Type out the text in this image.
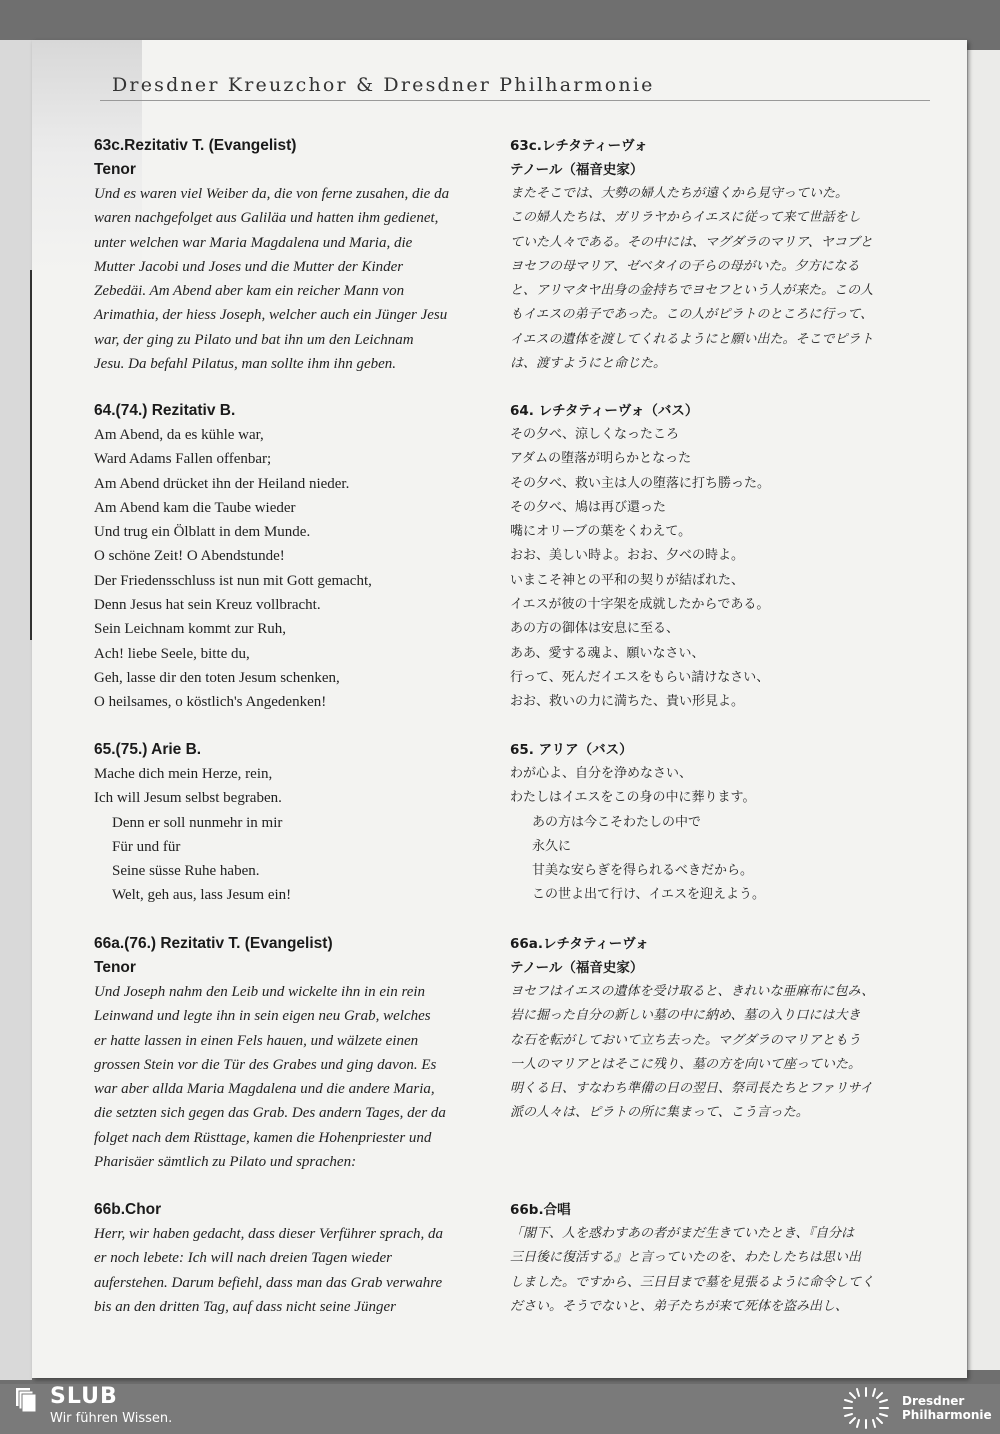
Dresdner Kreuzchor & Dresdner Philharmonie
63c.Rezitativ T. (Evangelist)
Tenor
Und es waren viel Weiber da, die von ferne zusahen, die da
waren nachgefolget aus Galiläa und hatten ihm gedienet,
unter welchen war Maria Magdalena und Maria, die
Mutter Jacobi und Joses und die Mutter der Kinder
Zebedäi. Am Abend aber kam ein reicher Mann von
Arimathia, der hiess Joseph, welcher auch ein Jünger Jesu
war, der ging zu Pilato und bat ihn um den Leichnam
Jesu. Da befahl Pilatus, man sollte ihm ihn geben.
63c.レチタティーヴォ
テノール（福音史家）
またそこでは、大勢の婦人たちが遠くから見守っていた。
この婦人たちは、ガリラヤからイエスに従って来て世話をし
ていた人々である。その中には、マグダラのマリア、ヤコブと
ヨセフの母マリア、ゼベタイの子らの母がいた。夕方になる
と、アリマタヤ出身の金持ちでヨセフという人が来た。この人
もイエスの弟子であった。この人がピラトのところに行って、
イエスの遺体を渡してくれるようにと願い出た。そこでピラト
は、渡すようにと命じた。
64.(74.) Rezitativ B.
Am Abend, da es kühle war,
Ward Adams Fallen offenbar;
Am Abend drücket ihn der Heiland nieder.
Am Abend kam die Taube wieder
Und trug ein Ölblatt in dem Munde.
O schöne Zeit! O Abendstunde!
Der Friedensschluss ist nun mit Gott gemacht,
Denn Jesus hat sein Kreuz vollbracht.
Sein Leichnam kommt zur Ruh,
Ach! liebe Seele, bitte du,
Geh, lasse dir den toten Jesum schenken,
O heilsames, o köstlich's Angedenken!
64. レチタティーヴォ（バス）
その夕べ、涼しくなったころ
アダムの堕落が明らかとなった
その夕べ、救い主は人の堕落に打ち勝った。
その夕べ、鳩は再び還った
嘴にオリーブの葉をくわえて。
おお、美しい時よ。おお、夕べの時よ。
いまこそ神との平和の契りが結ばれた、
イエスが彼の十字架を成就したからである。
あの方の御体は安息に至る、
ああ、愛する魂よ、願いなさい、
行って、死んだイエスをもらい請けなさい、
おお、救いの力に満ちた、貴い形見よ。
65.(75.) Arie B.
Mache dich mein Herze, rein,
Ich will Jesum selbst begraben.
Denn er soll nunmehr in mir
Für und für
Seine süsse Ruhe haben.
Welt, geh aus, lass Jesum ein!
65. アリア（バス）
わが心よ、自分を浄めなさい、
わたしはイエスをこの身の中に葬ります。
あの方は今こそわたしの中で
永久に
甘美な安らぎを得られるべきだから。
この世よ出て行け、イエスを迎えよう。
66a.(76.) Rezitativ T. (Evangelist)
Tenor
Und Joseph nahm den Leib und wickelte ihn in ein rein
Leinwand und legte ihn in sein eigen neu Grab, welches
er hatte lassen in einen Fels hauen, und wälzete einen
grossen Stein vor die Tür des Grabes und ging davon. Es
war aber allda Maria Magdalena und die andere Maria,
die setzten sich gegen das Grab. Des andern Tages, der da
folget nach dem Rüsttage, kamen die Hohenpriester und
Pharisäer sämtlich zu Pilato und sprachen:
66a.レチタティーヴォ
テノール（福音史家）
ヨセフはイエスの遺体を受け取ると、きれいな亜麻布に包み、
岩に掘った自分の新しい墓の中に納め、墓の入り口には大き
な石を転がしておいて立ち去った。マグダラのマリアともう
一人のマリアとはそこに残り、墓の方を向いて座っていた。
明くる日、すなわち準備の日の翌日、祭司長たちとファリサイ
派の人々は、ピラトの所に集まって、こう言った。
66b.Chor
Herr, wir haben gedacht, dass dieser Verführer sprach, da
er noch lebete: Ich will nach dreien Tagen wieder
auferstehen. Darum befiehl, dass man das Grab verwahre
bis an den dritten Tag, auf dass nicht seine Jünger
66b.合唱
「閣下、人を惑わすあの者がまだ生きていたとき、『自分は
三日後に復活する』と言っていたのを、わたしたちは思い出
しました。ですから、三日目まで墓を見張るように命令してく
ださい。そうでないと、弟子たちが来て死体を盗み出し、
SLUB
Wir führen Wissen.
Dresdner
Philharmonie
